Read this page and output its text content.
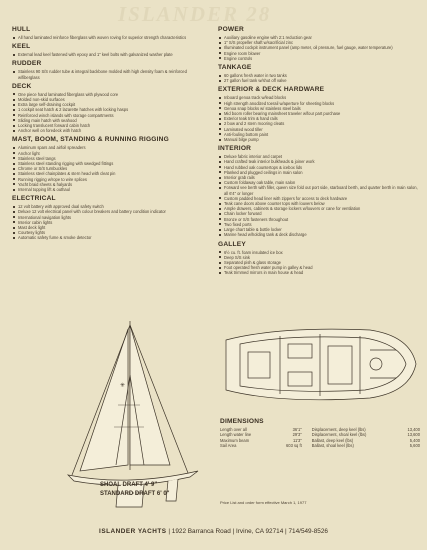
ISLANDER 28
HULL
All hand laminated reinforce fiberglass with woven roving for superior strength characteristics
KEEL
External lead keel fastened with epoxy and 1" keel bolts with galvanized washer plate
RUDDER
Stainless 90 S/S rudder tube & integral backbone molded with high density foam & reinforced w/fiberglass
DECK
One piece hand laminated fiberglass with plywood core
Molded non-skid surfaces
Extra large self-draining cockpit
1 cockpit seat hatch & 2 lazarette hatches with locking hasps
Reinforced winch islands with storage compartments
Sliding main hatch with seahood
Locking translucent forward cabin hatch
Anchor well on foredeck with hatch
MAST, BOOM, STANDING & RUNNING RIGGING
Aluminum spars and airfoil spreaders
Anchor light
Stainless steel tangs
Stainless steel standing rigging with swedged fittings
Chrome or S/S turnbuckles
Stainless steel chainplates & stern head with cleat pin
Running rigging w/rope to wire splices
Yacht braid sheets & halyards
Internal topping lift & outhaul
ELECTRICAL
12 volt battery with approved dual safety switch
Deluxe 12 volt electrical panel with colour breakers and battery condition indicator
International navigation lights
Interior cabin lights
Mast deck light
Courtesy lights
Automatic safety fume & smoke detector
POWER
Auxiliary gasoline engine with 2:1 reduction gear
1" S/S propeller shaft w/sacrificial zinc
Illuminated cockpit instrument panel (amp meter, oil pressure, fuel gauge, water temperature)
Engine room blower
Engine controls
TANKAGE
60 gallons fresh water in two tanks
27 gallon fuel tank w/shut off valve
EXTERIOR & DECK HARDWARE
Inboard genoa track w/lead blocks
High strength anodized toerail w/aperture for sheeting blocks
Genoa snap blocks w/ stainless steel bails
Mid boom roller bearing mainsheet traveler w/four part purchase
Exterior teak trim & hand rails
2 bow and 2 stern mooring cleats
Laminated wood tiller
Anti-fouling bottom paint
Manual bilge pump
INTERIOR
Deluxe fabric interior and carpet
Hand crafted teak interior bulkheads & joiner work
Hand rubbed oak countertops & icebox lids
Planked and plugged ceilings in main salon
Interior grab rails
Custom foldaway oak table, main salon
Forward vee berth with filler, queen size fold out port side, starboard berth, and quarter berth in main salon, all 6'4" or longer
Custom padded head liner with zippers for access to deck hardware
Teak cane doors above counter tops with louvers below
Ample drawers, cabinets & storage lockers w/louvers or cane for ventilation
Chain locker forward
Bronze or S/S fasteners throughout
Two fixed ports
Large chart table & bottle locker
Marine head w/holding tank & deck discharge
GALLEY
6½ cu. ft. foam insulated ice box
Deep S/S sink
Separated pish & glass storage
Foot operated fresh water pump in galley & head
Teak trimmed mirrors in main house & head
✳
SHOAL DRAFT 4' 9"
STANDARD DRAFT 6' 0"
DIMENSIONS
Length over all	36'1"	Displacement, deep keel (lbs)	13,400
Length water line	29'3"	Displacement, shoal keel (lbs)	13,600
Maximum beam	11'3"	Ballast, deep keel (lbs)	5,400
Sail Area	603 sq ft	Ballast, shoal keel (lbs)	5,600
Price List and order form effective March 1, 1977
ISLANDER YACHTS | 1922 Barranca Road | Irvine, CA 92714 | 714/549-8526
